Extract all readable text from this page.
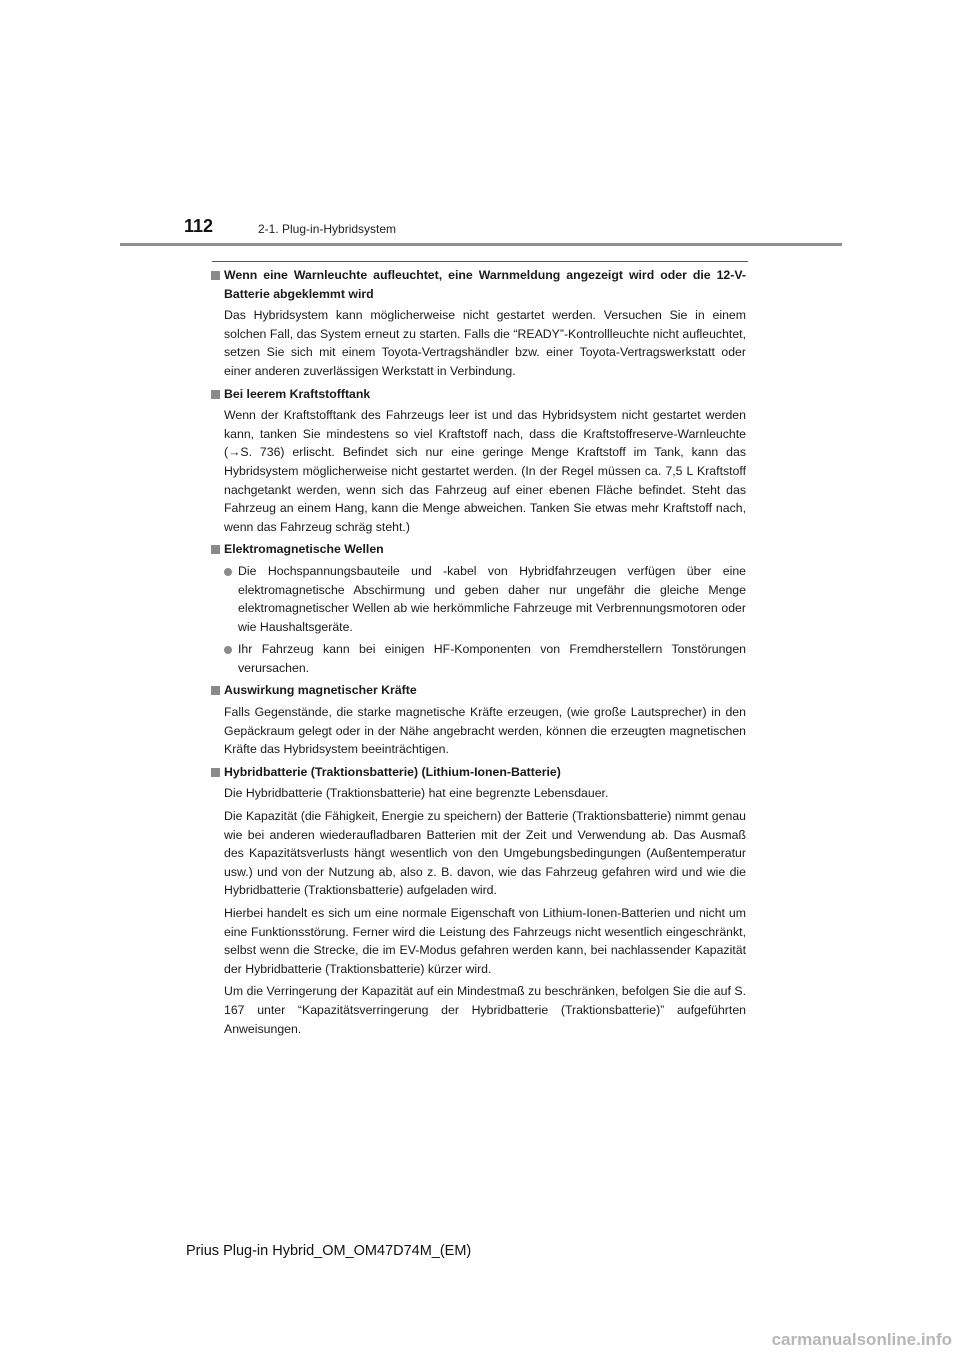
112	2-1. Plug-in-Hybridsystem
Wenn eine Warnleuchte aufleuchtet, eine Warnmeldung angezeigt wird oder die 12-V-Batterie abgeklemmt wird

Das Hybridsystem kann möglicherweise nicht gestartet werden. Versuchen Sie in einem solchen Fall, das System erneut zu starten. Falls die “READY”-Kontrollleuchte nicht aufleuchtet, setzen Sie sich mit einem Toyota-Vertragshändler bzw. einer Toyota-Vertragswerkstatt oder einer anderen zuverlässigen Werkstatt in Verbindung.

Bei leerem Kraftstofftank

Wenn der Kraftstofftank des Fahrzeugs leer ist und das Hybridsystem nicht gestartet werden kann, tanken Sie mindestens so viel Kraftstoff nach, dass die Kraftstoffreserve-Warnleuchte (→S. 736) erlischt. Befindet sich nur eine geringe Menge Kraftstoff im Tank, kann das Hybridsystem möglicherweise nicht gestartet werden. (In der Regel müssen ca. 7,5 L Kraftstoff nachgetankt werden, wenn sich das Fahrzeug auf einer ebenen Fläche befindet. Steht das Fahrzeug an einem Hang, kann die Menge abweichen. Tanken Sie etwas mehr Kraftstoff nach, wenn das Fahrzeug schräg steht.)

Elektromagnetische Wellen
Die Hochspannungsbauteile und -kabel von Hybridfahrzeugen verfügen über eine elektromagnetische Abschirmung und geben daher nur ungefähr die gleiche Menge elektromagnetischer Wellen ab wie herkömmliche Fahrzeuge mit Verbrennungsmotoren oder wie Haushaltsgeräte.
Ihr Fahrzeug kann bei einigen HF-Komponenten von Fremdherstellern Tonstörungen verursachen.
Auswirkung magnetischer Kräfte

Falls Gegenstände, die starke magnetische Kräfte erzeugen, (wie große Lautsprecher) in den Gepäckraum gelegt oder in der Nähe angebracht werden, können die erzeugten magnetischen Kräfte das Hybridsystem beeinträchtigen.

Hybridbatterie (Traktionsbatterie) (Lithium-Ionen-Batterie)

Die Hybridbatterie (Traktionsbatterie) hat eine begrenzte Lebensdauer.

Die Kapazität (die Fähigkeit, Energie zu speichern) der Batterie (Traktionsbatterie) nimmt genau wie bei anderen wiederaufladbaren Batterien mit der Zeit und Verwendung ab. Das Ausmaß des Kapazitätsverlusts hängt wesentlich von den Umgebungsbedingungen (Außentemperatur usw.) und von der Nutzung ab, also z. B. davon, wie das Fahrzeug gefahren wird und wie die Hybridbatterie (Traktionsbatterie) aufgeladen wird.

Hierbei handelt es sich um eine normale Eigenschaft von Lithium-Ionen-Batterien und nicht um eine Funktionsstörung. Ferner wird die Leistung des Fahrzeugs nicht wesentlich eingeschränkt, selbst wenn die Strecke, die im EV-Modus gefahren werden kann, bei nachlassender Kapazität der Hybridbatterie (Traktionsbatterie) kürzer wird.

Um die Verringerung der Kapazität auf ein Mindestmaß zu beschränken, befolgen Sie die auf S. 167 unter “Kapazitätsverringerung der Hybridbatterie (Traktionsbatterie)” aufgeführten Anweisungen.

Prius Plug-in Hybrid_OM_OM47D74M_(EM)
carmanualsonline.info
